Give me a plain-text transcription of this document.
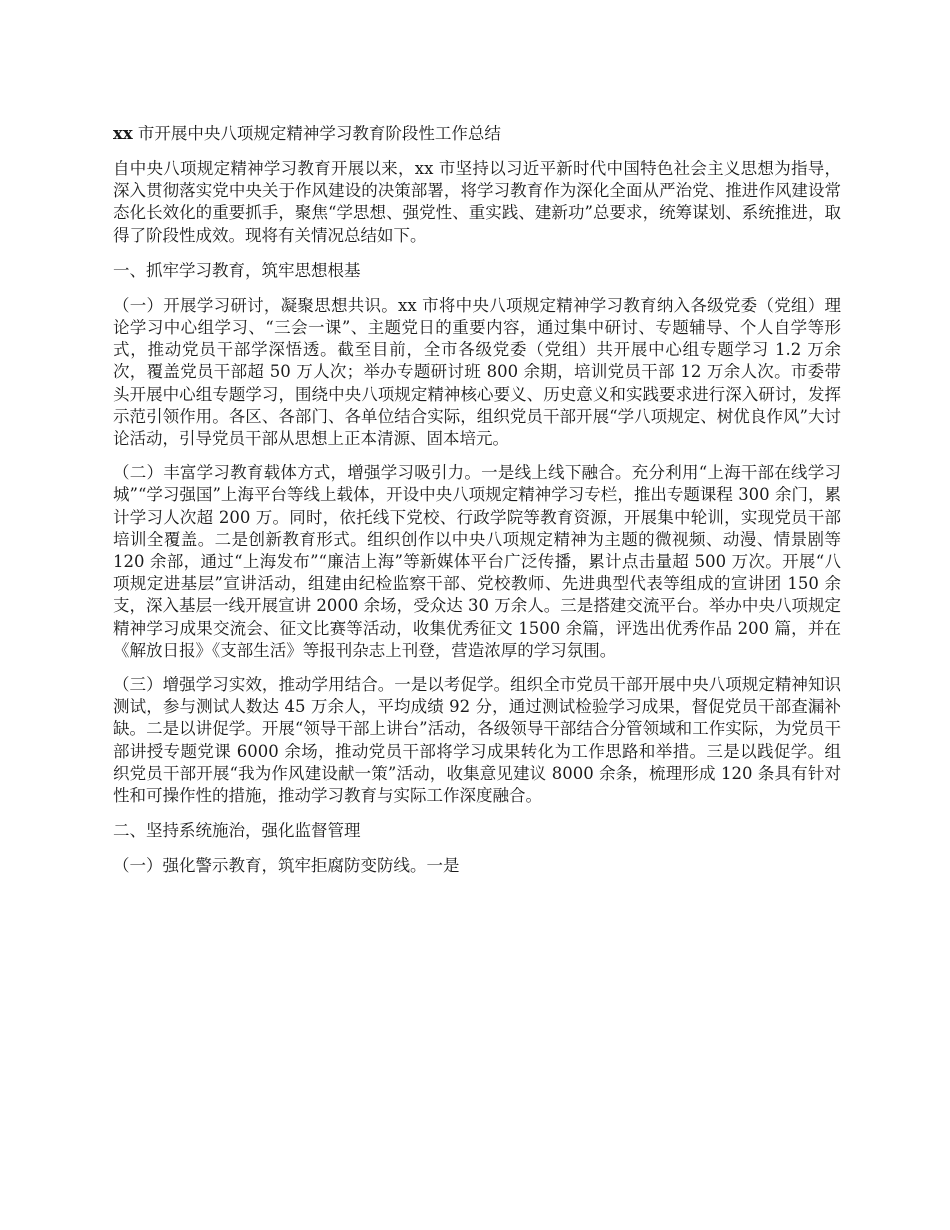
xx 市开展中央八项规定精神学习教育阶段性工作总结

自中央八项规定精神学习教育开展以来，xx 市坚持以习近平新时代中国特色社会主义思想为指导，深入贯彻落实党中央关于作风建设的决策部署，将学习教育作为深化全面从严治党、推进作风建设常态化长效化的重要抓手，聚焦“学思想、强党性、重实践、建新功”总要求，统筹谋划、系统推进，取得了阶段性成效。现将有关情况总结如下。

一、抓牢学习教育，筑牢思想根基

（一）开展学习研讨，凝聚思想共识。xx 市将中央八项规定精神学习教育纳入各级党委（党组）理论学习中心组学习、“三会一课”、主题党日的重要内容，通过集中研讨、专题辅导、个人自学等形式，推动党员干部学深悟透。截至目前，全市各级党委（党组）共开展中心组专题学习 1.2 万余次，覆盖党员干部超 50 万人次；举办专题研讨班 800 余期，培训党员干部 12 万余人次。市委带头开展中心组专题学习，围绕中央八项规定精神核心要义、历史意义和实践要求进行深入研讨，发挥示范引领作用。各区、各部门、各单位结合实际，组织党员干部开展“学八项规定、树优良作风”大讨论活动，引导党员干部从思想上正本清源、固本培元。

（二）丰富学习教育载体方式，增强学习吸引力。一是线上线下融合。充分利用“上海干部在线学习城”“学习强国”上海平台等线上载体，开设中央八项规定精神学习专栏，推出专题课程 300 余门，累计学习人次超 200 万。同时，依托线下党校、行政学院等教育资源，开展集中轮训，实现党员干部培训全覆盖。二是创新教育形式。组织创作以中央八项规定精神为主题的微视频、动漫、情景剧等 120 余部，通过“上海发布”“廉洁上海”等新媒体平台广泛传播，累计点击量超 500 万次。开展“八项规定进基层”宣讲活动，组建由纪检监察干部、党校教师、先进典型代表等组成的宣讲团 150 余支，深入基层一线开展宣讲 2000 余场，受众达 30 万余人。三是搭建交流平台。举办中央八项规定精神学习成果交流会、征文比赛等活动，收集优秀征文 1500 余篇，评选出优秀作品 200 篇，并在《解放日报》《支部生活》等报刊杂志上刊登，营造浓厚的学习氛围。

（三）增强学习实效，推动学用结合。一是以考促学。组织全市党员干部开展中央八项规定精神知识测试，参与测试人数达 45 万余人，平均成绩 92 分，通过测试检验学习成果，督促党员干部查漏补缺。二是以讲促学。开展“领导干部上讲台”活动，各级领导干部结合分管领域和工作实际，为党员干部讲授专题党课 6000 余场，推动党员干部将学习成果转化为工作思路和举措。三是以践促学。组织党员干部开展“我为作风建设献一策”活动，收集意见建议 8000 余条，梳理形成 120 条具有针对性和可操作性的措施，推动学习教育与实际工作深度融合。

二、坚持系统施治，强化监督管理

（一）强化警示教育，筑牢拒腐防变防线。一是
